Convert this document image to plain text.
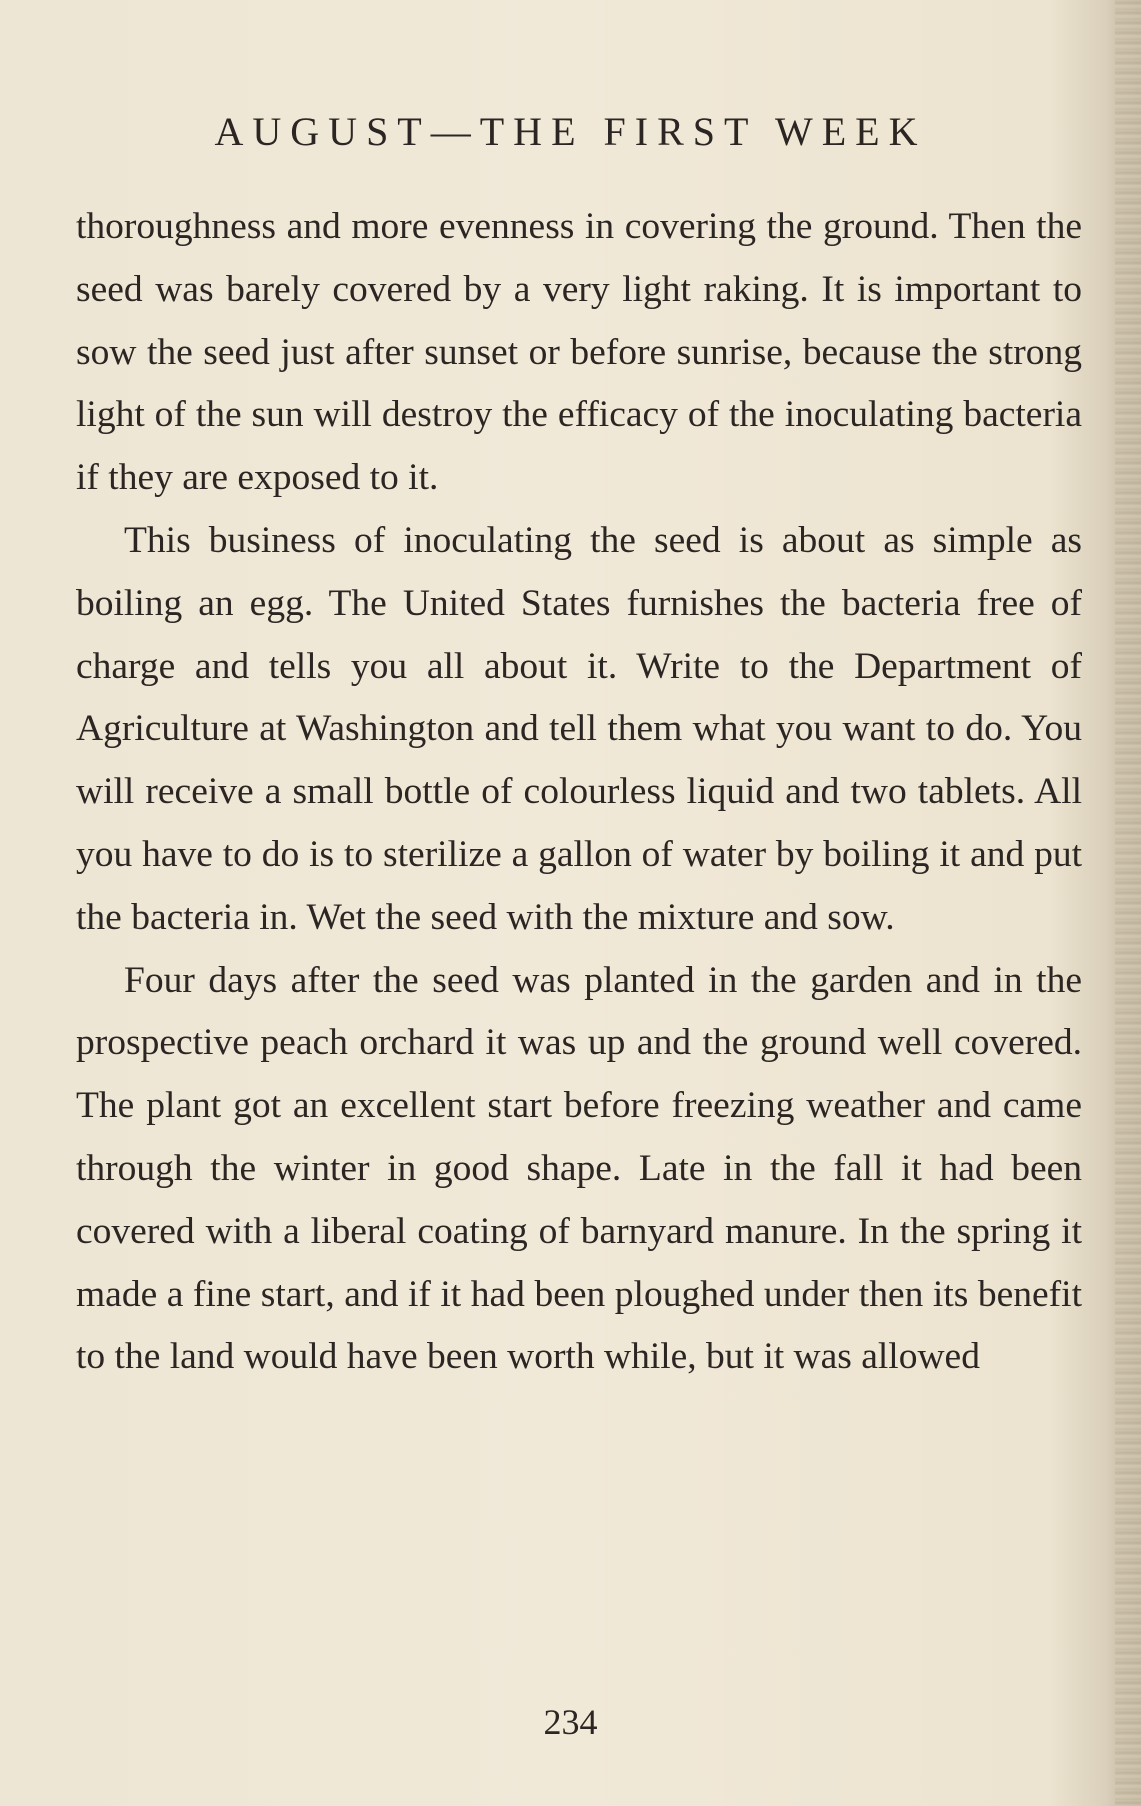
AUGUST—THE FIRST WEEK

thoroughness and more evenness in covering the ground. Then the seed was barely covered by a very light raking. It is important to sow the seed just after sunset or before sunrise, because the strong light of the sun will destroy the efficacy of the inoculating bacteria if they are exposed to it.

This business of inoculating the seed is about as simple as boiling an egg. The United States furnishes the bacteria free of charge and tells you all about it. Write to the Department of Agriculture at Washington and tell them what you want to do. You will receive a small bottle of colourless liquid and two tablets. All you have to do is to sterilize a gallon of water by boiling it and put the bacteria in. Wet the seed with the mixture and sow.

Four days after the seed was planted in the garden and in the prospective peach orchard it was up and the ground well covered. The plant got an excellent start before freezing weather and came through the winter in good shape. Late in the fall it had been covered with a liberal coating of barnyard manure. In the spring it made a fine start, and if it had been ploughed under then its benefit to the land would have been worth while, but it was allowed

234
